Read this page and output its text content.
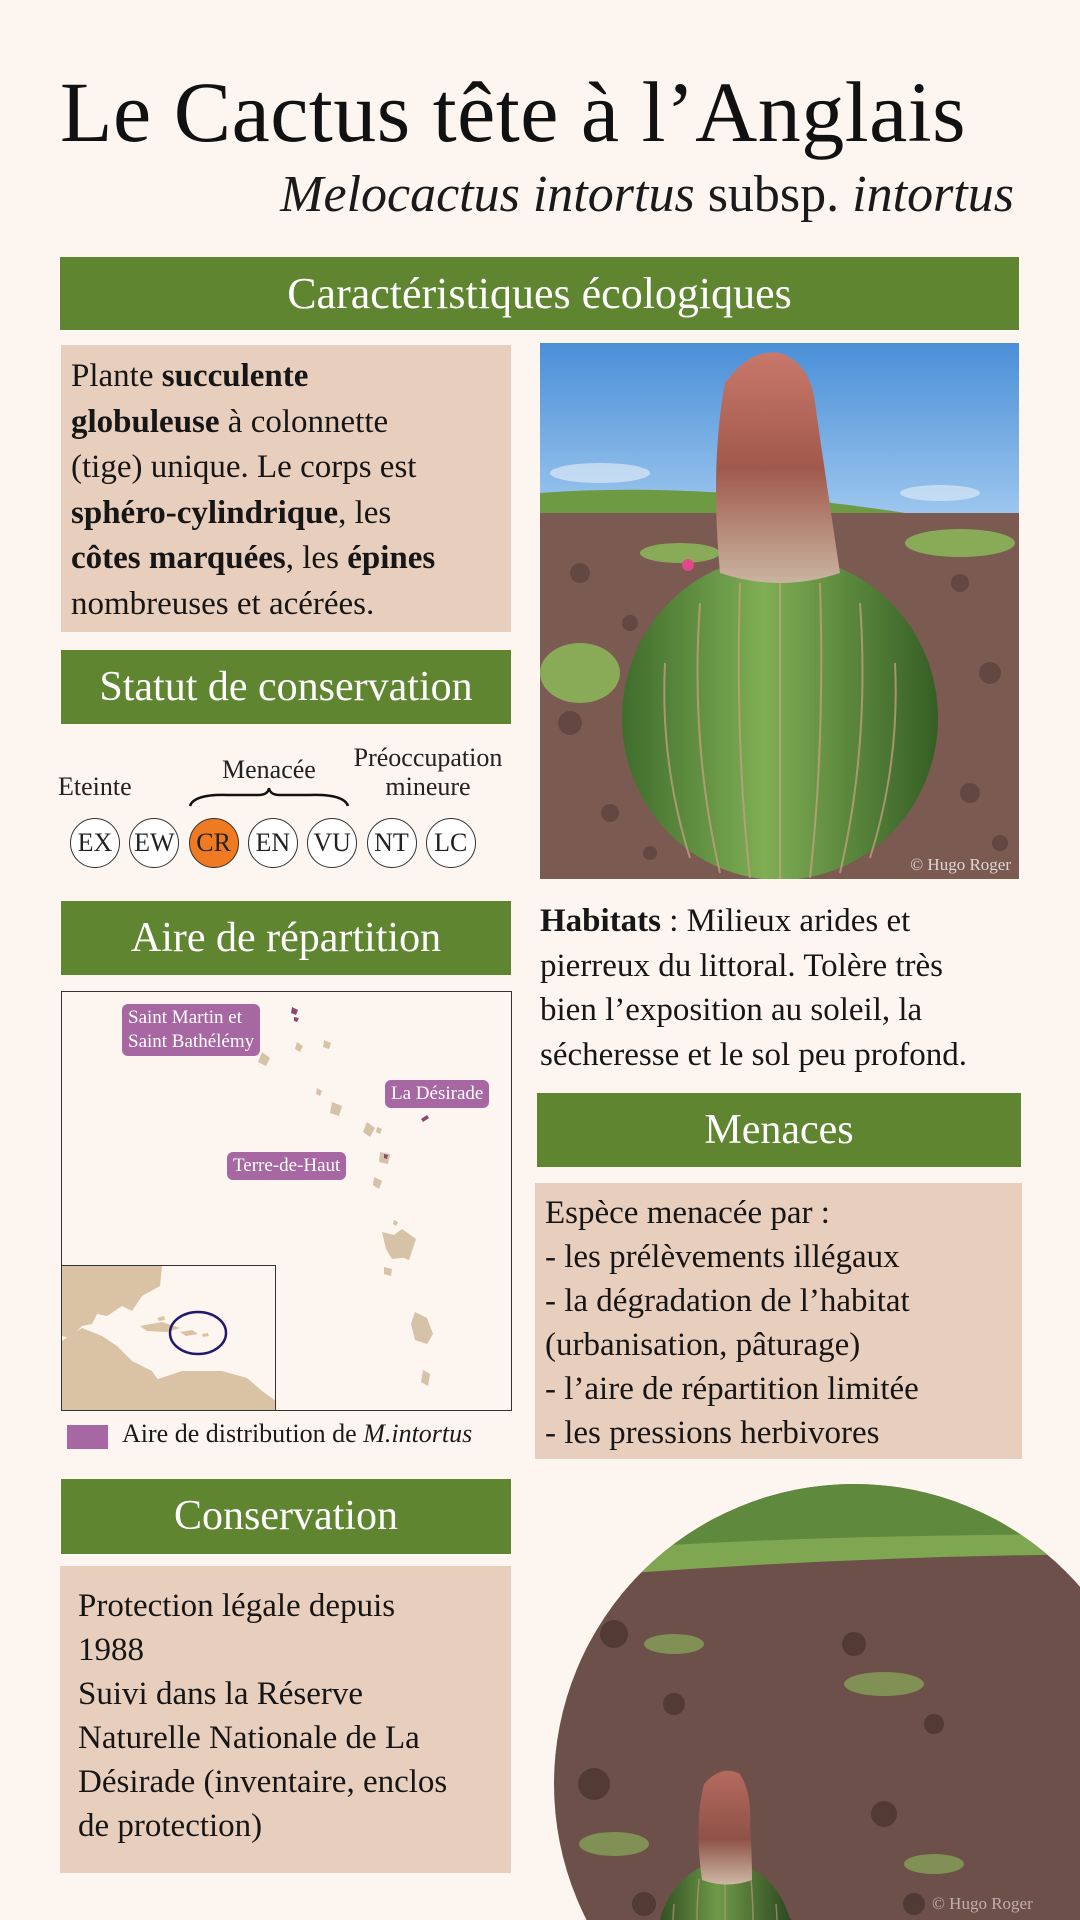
Le Cactus tête à l’Anglais
Melocactus intortus subsp. intortus
Caractéristiques écologiques
Plante succulente
globuleuse à colonnette
(tige) unique. Le corps est
sphéro-cylindrique, les
côtes marquées, les épines
nombreuses et acérées.
© Hugo Roger
Statut de conservation
Eteinte
Menacée	Préoccupation
mineure
EX EW CR EN VU NT LC
Aire de répartition
Saint Martin et
Saint Bathélémy
La Désirade
Terre-de-Haut
Aire de distribution de M.intortus
Habitats : Milieux arides et
pierreux du littoral. Tolère très
bien l’exposition au soleil, la
sécheresse et le sol peu profond.
Menaces
Espèce menacée par :
- les prélèvements illégaux
- la dégradation de l’habitat
(urbanisation, pâturage)
- l’aire de répartition limitée
- les pressions herbivores
Conservation
Protection légale depuis
1988
Suivi dans la Réserve
Naturelle Nationale de La
Désirade (inventaire, enclos
de protection)
© Hugo Roger
